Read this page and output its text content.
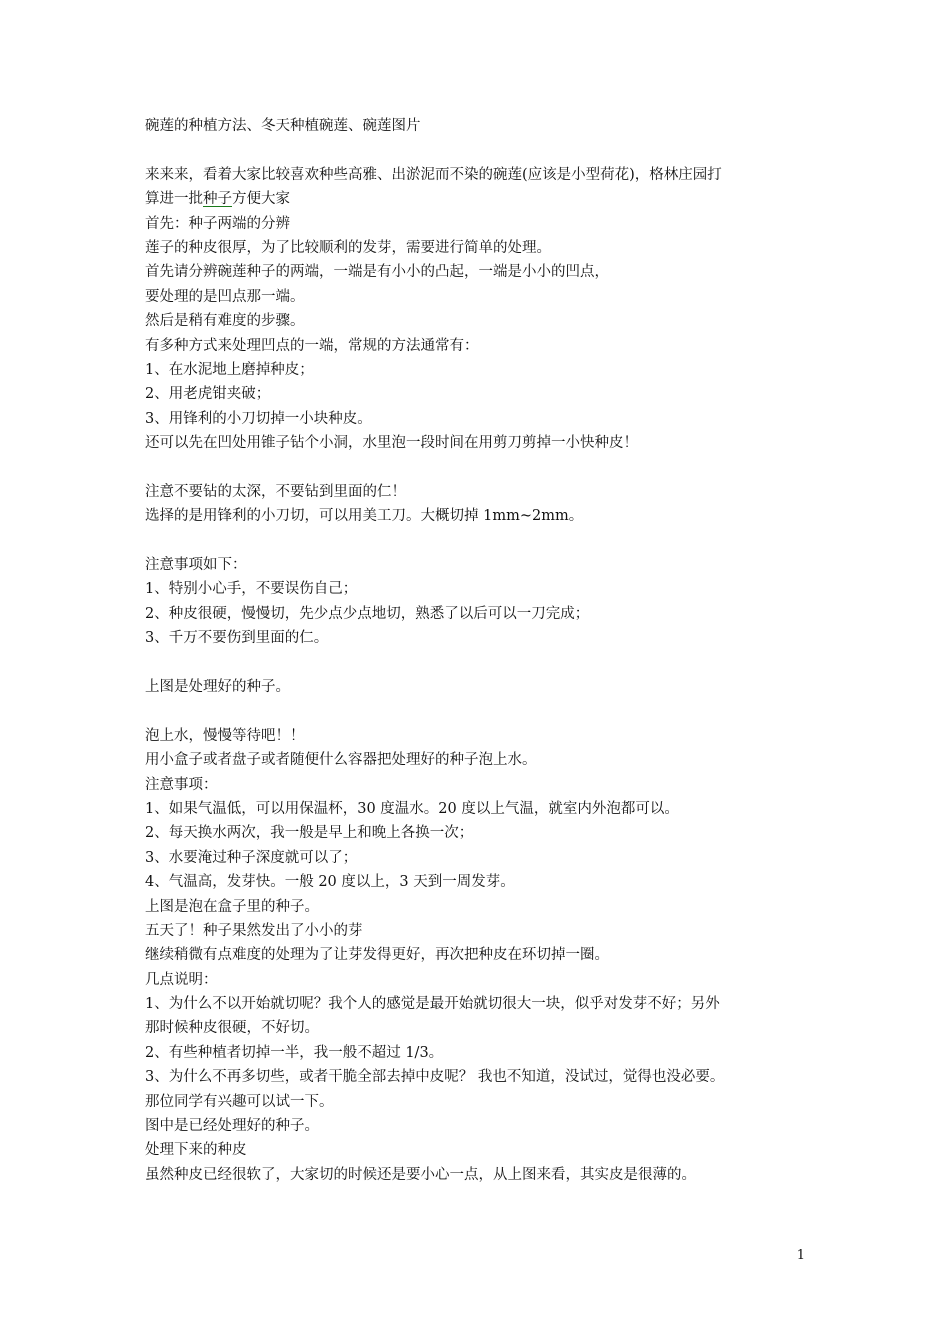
碗莲的种植方法、冬天种植碗莲、碗莲图片
来来来，看着大家比较喜欢种些高雅、出淤泥而不染的碗莲(应该是小型荷花)，格林庄园打
算进一批种子方便大家
首先：种子两端的分辨
莲子的种皮很厚，为了比较顺利的发芽，需要进行简单的处理。
首先请分辨碗莲种子的两端，一端是有小小的凸起，一端是小小的凹点，
要处理的是凹点那一端。
然后是稍有难度的步骤。
有多种方式来处理凹点的一端，常规的方法通常有：
1、在水泥地上磨掉种皮；
2、用老虎钳夹破；
3、用锋利的小刀切掉一小块种皮。
还可以先在凹处用锥子钻个小洞，水里泡一段时间在用剪刀剪掉一小快种皮！
注意不要钻的太深，不要钻到里面的仁！
选择的是用锋利的小刀切，可以用美工刀。大概切掉 1mm~2mm。
注意事项如下：
1、特别小心手，不要误伤自己；
2、种皮很硬，慢慢切，先少点少点地切，熟悉了以后可以一刀完成；
3、千万不要伤到里面的仁。
上图是处理好的种子。
泡上水，慢慢等待吧！！
用小盒子或者盘子或者随便什么容器把处理好的种子泡上水。
注意事项：
1、如果气温低，可以用保温杯，30 度温水。20 度以上气温，就室内外泡都可以。
2、每天换水两次，我一般是早上和晚上各换一次；
3、水要淹过种子深度就可以了；
4、气温高，发芽快。一般 20 度以上，3 天到一周发芽。
上图是泡在盒子里的种子。
五天了！种子果然发出了小小的芽
继续稍微有点难度的处理为了让芽发得更好，再次把种皮在环切掉一圈。
几点说明：
1、为什么不以开始就切呢？我个人的感觉是最开始就切很大一块，似乎对发芽不好；另外
那时候种皮很硬，不好切。
2、有些种植者切掉一半，我一般不超过 1/3。
3、为什么不再多切些，或者干脆全部去掉中皮呢？ 我也不知道，没试过，觉得也没必要。
那位同学有兴趣可以试一下。
图中是已经处理好的种子。
处理下来的种皮
虽然种皮已经很软了，大家切的时候还是要小心一点，从上图来看，其实皮是很薄的。
1
